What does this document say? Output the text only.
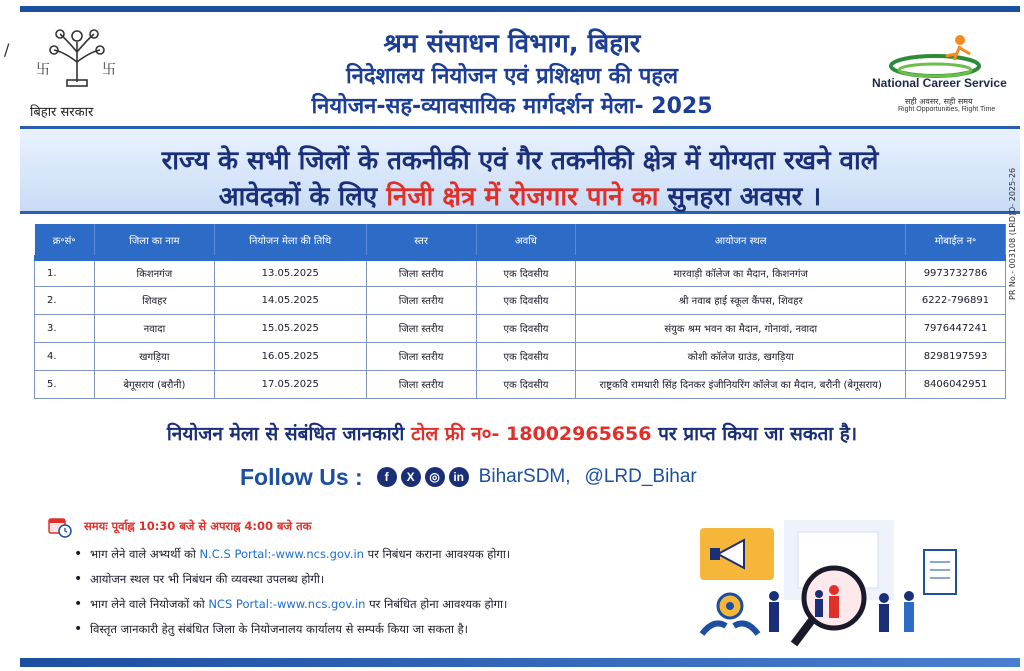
/
卐	卐
बिहार सरकार
श्रम संसाधन विभाग, बिहार
निदेशालय नियोजन एवं प्रशिक्षण की पहल
नियोजन-सह-व्यावसायिक मार्गदर्शन मेला- 2025
National Career Service
सही अवसर, सही समय
Right Opportunities, Right Time
राज्य के सभी जिलों के तकनीकी एवं गैर तकनीकी क्षेत्र में योग्यता रखने वाले
आवेदकों के लिए निजी क्षेत्र में रोजगार पाने का सुनहरा अवसर ।
क्र॰सं॰	जिला का नाम	नियोजन मेला की तिथि	स्तर	अवधि	आयोजन स्थल	मोबाईल न॰
1.	किशनगंज	13.05.2025	जिला स्तरीय	एक दिवसीय	मारवाड़ी कॉलेज का मैदान, किशनगंज	9973732786
2.	शिवहर	14.05.2025	जिला स्तरीय	एक दिवसीय	श्री नवाब हाई स्कूल कैंपस, शिवहर	6222-796891
3.	नवादा	15.05.2025	जिला स्तरीय	एक दिवसीय	संयुक श्रम भवन का मैदान, गोनावां, नवादा	7976447241
4.	खगड़िया	16.05.2025	जिला स्तरीय	एक दिवसीय	कोशी कॉलेज ग्राउंड, खगड़िया	8298197593
5.	बेगूसराय (बरौनी)	17.05.2025	जिला स्तरीय	एक दिवसीय	राष्ट्रकवि रामधारी सिंह दिनकर इंजीनियरिंग कॉलेज का मैदान, बरौनी (बेगूसराय)	8406042951
नियोजन मेला से संबंधित जानकारी टोल फ्री न०- 18002965656 पर प्राप्त किया जा सकता है।
Follow Us :	f	X	◎	in BiharSDM, @LRD_Bihar
समयः पूर्वाह्न 10:30 बजे से अपराह्न 4:00 बजे तक
• भाग लेने वाले अभ्यर्थी को N.C.S Portal:-www.ncs.gov.in पर निबंधन कराना आवश्यक होगा।
• आयोजन स्थल पर भी निबंधन की व्यवस्था उपलब्ध होगी।
• भाग लेने वाले नियोजकों को NCS Portal:-www.ncs.gov.in पर निबंधित होना आवश्यक होगा।
• विस्तृत जानकारी हेतु संबंधित जिला के नियोजनालय कार्यालय से सम्पर्क किया जा सकता है।
PR No.- 003108 (LRD)D- 2025-26
